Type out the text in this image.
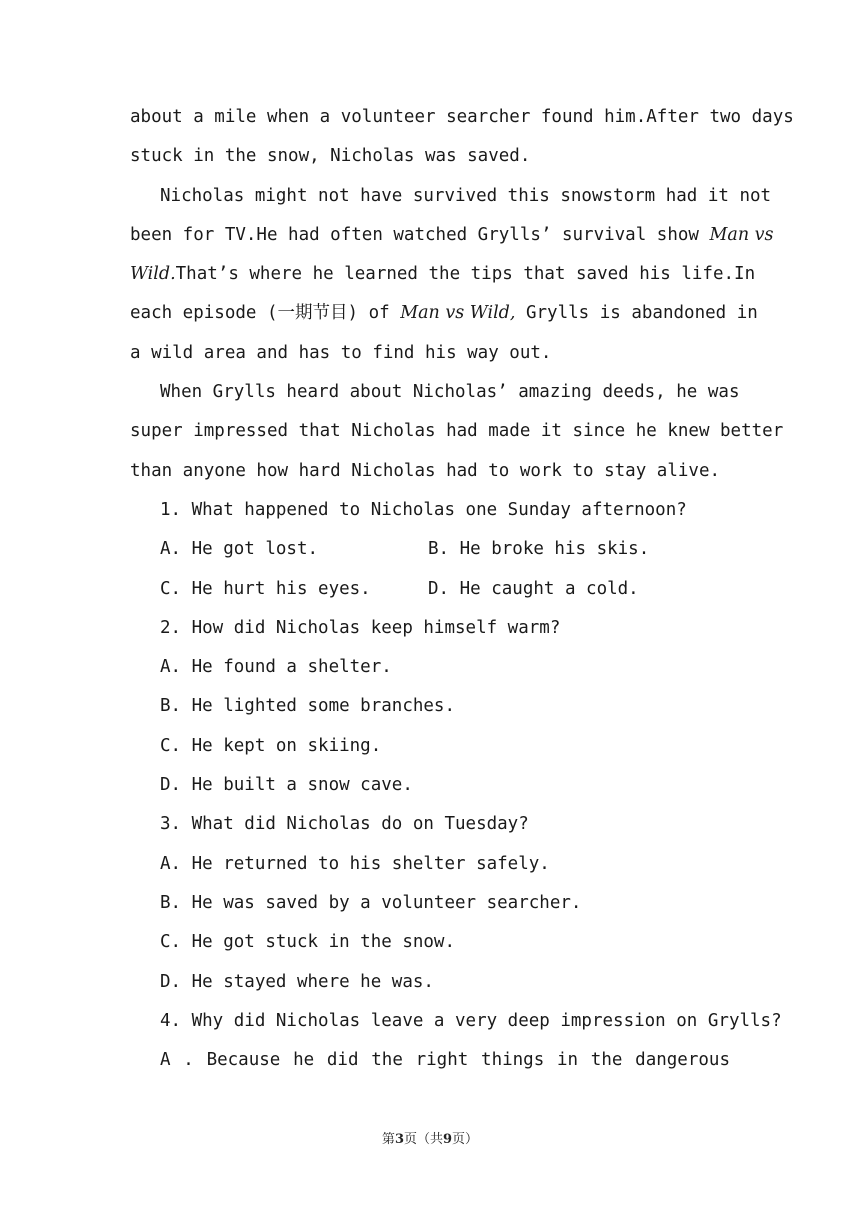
about a mile when a volunteer searcher found him.After two days
stuck in the snow, Nicholas was saved.
Nicholas might not have survived this snowstorm had it not
been for TV.He had often watched Grylls’ survival show Man vs
Wild.That’s where he learned the tips that saved his life.In
each episode (一期节目) of Man vs Wild, Grylls is abandoned in
a wild area and has to find his way out.
When Grylls heard about Nicholas’ amazing deeds, he was
super impressed that Nicholas had made it since he knew better
than anyone how hard Nicholas had to work to stay alive.
1. What happened to Nicholas one Sunday afternoon?
A. He got lost.	B. He broke his skis.
C. He hurt his eyes.	D. He caught a cold.
2. How did Nicholas keep himself warm?
A. He found a shelter.
B. He lighted some branches.
C. He kept on skiing.
D. He built a snow cave.
3. What did Nicholas do on Tuesday?
A. He returned to his shelter safely.
B. He was saved by a volunteer searcher.
C. He got stuck in the snow.
D. He stayed where he was.
4. Why did Nicholas leave a very deep impression on Grylls?
A . Because he did the right things in the dangerous
第3页（共9页）
